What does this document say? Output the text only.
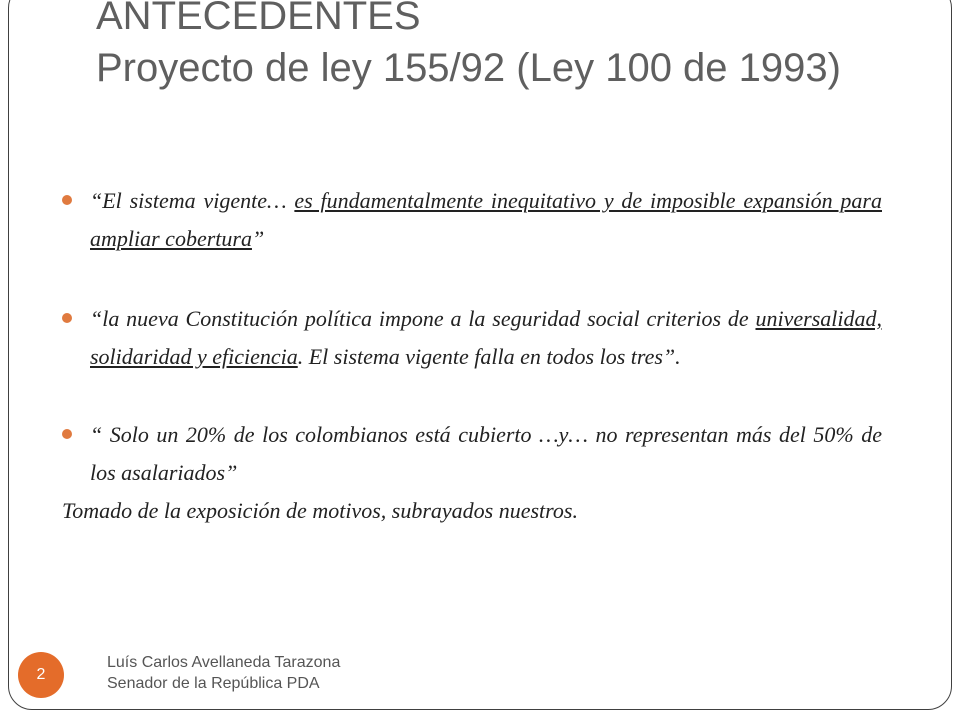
ANTECEDENTES
Proyecto de ley 155/92 (Ley 100 de 1993)
“El sistema vigente… es fundamentalmente inequitativo y de imposible expansión para ampliar cobertura”
“la nueva Constitución política impone a la seguridad social criterios de universalidad, solidaridad y eficiencia. El sistema vigente falla en todos los tres”.
“ Solo un 20% de los colombianos está cubierto …y… no representan más del 50% de los asalariados”
Tomado de la exposición de motivos, subrayados nuestros.
2
Luís Carlos Avellaneda Tarazona
Senador de la República PDA
